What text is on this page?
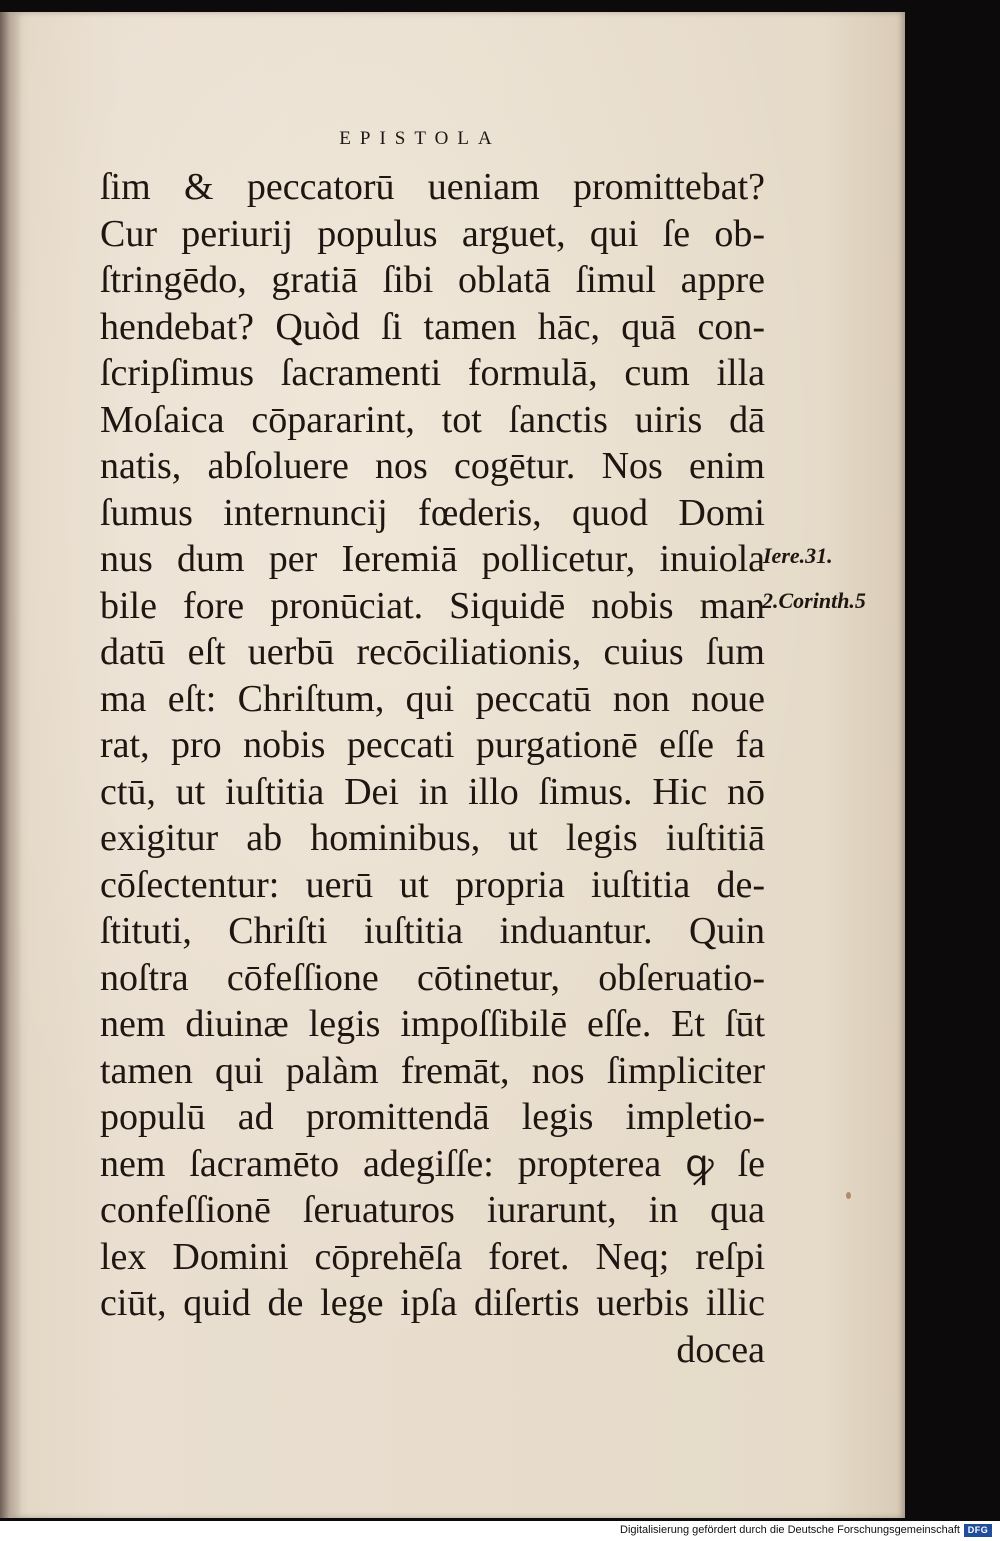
EPISTOLA
ſim & peccatorū ueniam promittebat?
Cur periurĳ populus arguet, qui ſe ob-
ſtringēdo, gratiā ſibi oblatā ſimul appre
hendebat? Quòd ſi tamen hāc, quā con-
ſcripſimus ſacramenti formulā, cum illa
Moſaica cōpararint, tot ſanctis uiris dā
natis, abſoluere nos cogētur. Nos enim
ſumus internuncĳ fœderis, quod Domi
nus dum per Ieremiā pollicetur, inuiola
bile fore pronūciat. Siquidē nobis man
datū eſt uerbū recōciliationis, cuius ſum
ma eſt: Chriſtum, qui peccatū non noue
rat, pro nobis peccati purgationē eſſe fa
ctū, ut iuſtitia Dei in illo ſimus. Hic nō
exigitur ab hominibus, ut legis iuſtitiā
cōſectentur: uerū ut propria iuſtitia de-
ſtituti, Chriſti iuſtitia induantur. Quin
noſtra cōfeſſione cōtinetur, obſeruatio-
nem diuinæ legis impoſſibilē eſſe. Et ſūt
tamen qui palàm fremāt, nos ſimpliciter
populū ad promittendā legis impletio-
nem ſacramēto adegiſſe: propterea ꝙ ſe
confeſſionē ſeruaturos iurarunt, in qua
lex Domini cōprehēſa foret. Neq; reſpi
ciūt, quid de lege ipſa diſertis uerbis illic
docea
Iere.31.
2.Corinth.5
Digitalisierung gefördert durch die Deutsche Forschungsgemeinschaft DFG
